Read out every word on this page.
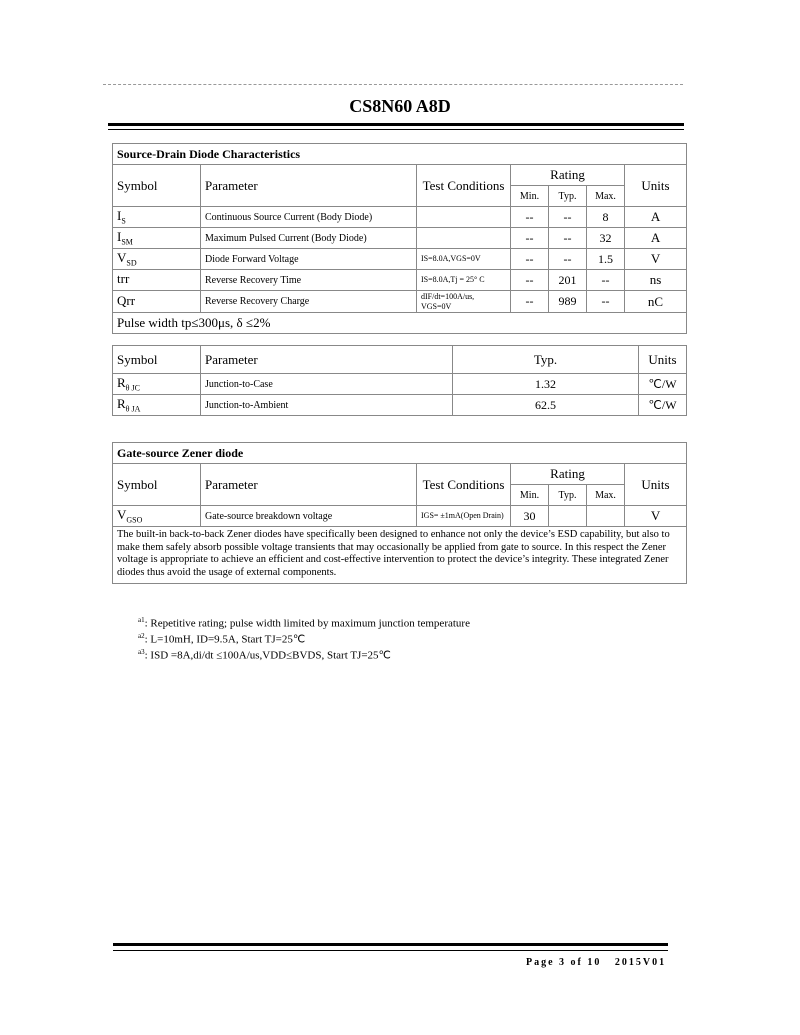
CS8N60 A8D
Source-Drain Diode Characteristics						
Symbol	Parameter	Test Conditions	Rating			Units
			Min.	Typ.	Max.	
$I_S$	Continuous Source Current (Body Diode)		--	--	8	A
$I_{SM}$	Maximum Pulsed Current (Body Diode)		--	--	32	A
$V_{SD}$	Diode Forward Voltage	IS=8.0A,VGS=0V	--	--	1.5	V
trr	Reverse Recovery Time	IS=8.0A,Tj = 25° C	--	201	--	ns
Qrr	Reverse Recovery Charge	dIF/dt=100A/us, VGS=0V	--	989	--	nC
Pulse width tp≤300μs, δ ≤2%						
Symbol	Parameter	Typ.	Units
$R_{\theta JC}$	Junction-to-Case	1.32	℃/W
$R_{\theta JA}$	Junction-to-Ambient	62.5	℃/W
Gate-source Zener diode						
Symbol	Parameter	Test Conditions	Rating			Units
			Min.	Typ.	Max.	
$V_{GSO}$	Gate-source breakdown voltage	IGS= ±1mA(Open Drain)	30			V
The built-in back-to-back Zener diodes have specifically been designed to enhance not only the device’s ESD capability, but also to make them safely absorb possible voltage transients that may occasionally be applied from gate to source. In this respect the Zener voltage is appropriate to achieve an efficient and cost-effective intervention to protect the device’s integrity. These integrated Zener diodes thus avoid the usage of external components.						
$^{a1}$: Repetitive rating; pulse width limited by maximum junction temperature
$^{a2}$: L=10mH, ID=9.5A, Start TJ=25℃
$^{a3}$: ISD =8A,di/dt ≤100A/us,VDD≤BVDS, Start TJ=25℃
Page 3 of 10 2015V01
